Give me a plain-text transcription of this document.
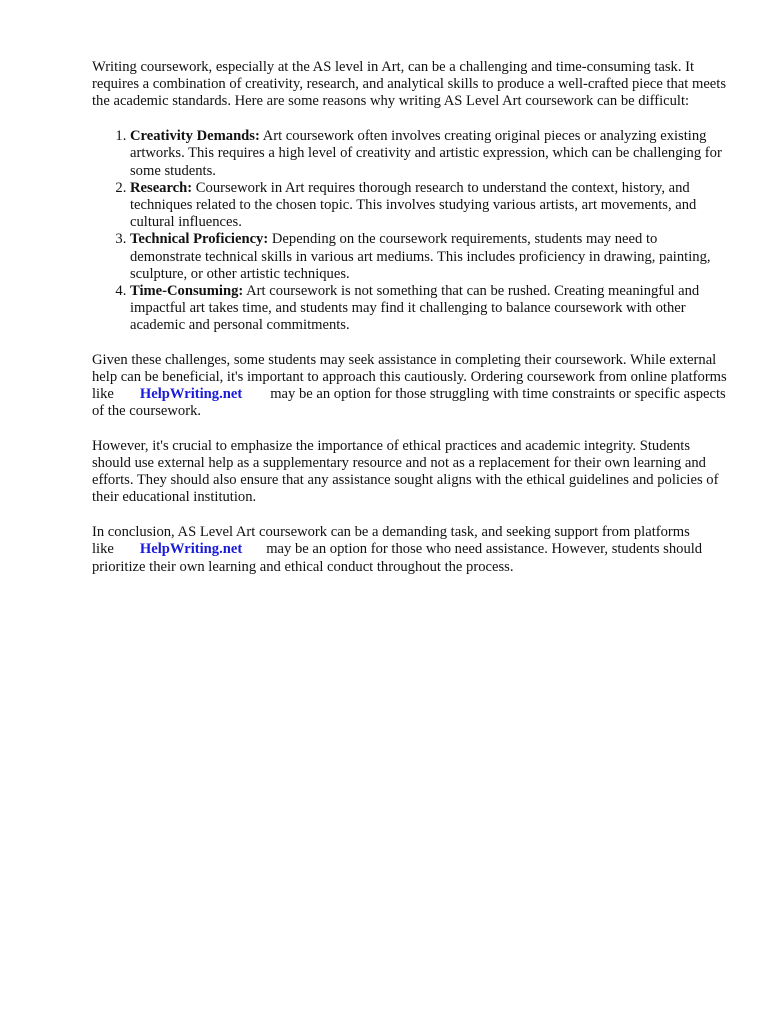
Writing coursework, especially at the AS level in Art, can be a challenging and time-consuming task. It requires a combination of creativity, research, and analytical skills to produce a well-crafted piece that meets the academic standards. Here are some reasons why writing AS Level Art coursework can be difficult:

1. Creativity Demands: Art coursework often involves creating original pieces or analyzing existing artworks. This requires a high level of creativity and artistic expression, which can be challenging for some students.
2. Research: Coursework in Art requires thorough research to understand the context, history, and techniques related to the chosen topic. This involves studying various artists, art movements, and cultural influences.
3. Technical Proficiency: Depending on the coursework requirements, students may need to demonstrate technical skills in various art mediums. This includes proficiency in drawing, painting, sculpture, or other artistic techniques.
4. Time-Consuming: Art coursework is not something that can be rushed. Creating meaningful and impactful art takes time, and students may find it challenging to balance coursework with other academic and personal commitments.

Given these challenges, some students may seek assistance in completing their coursework. While external help can be beneficial, it's important to approach this cautiously. Ordering coursework from online platforms like HelpWriting.net may be an option for those struggling with time constraints or specific aspects of the coursework.

However, it's crucial to emphasize the importance of ethical practices and academic integrity. Students should use external help as a supplementary resource and not as a replacement for their own learning and efforts. They should also ensure that any assistance sought aligns with the ethical guidelines and policies of their educational institution.

In conclusion, AS Level Art coursework can be a demanding task, and seeking support from platforms like HelpWriting.net may be an option for those who need assistance. However, students should prioritize their own learning and ethical conduct throughout the process.
